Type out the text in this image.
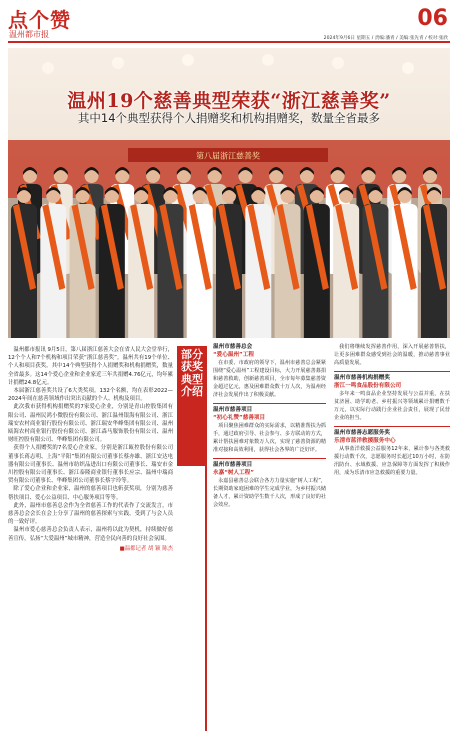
点个赞
温州都市报	2024年9月6日 星期五 / 责编:潘青 / 美编:张先青 / 校对:张欣
06
第八届浙江慈善奖
温州19个慈善典型荣获“浙江慈善奖”
其中14个典型获得个人捐赠奖和机构捐赠奖，数量全省最多

温州都市报讯 9月5日，第八届浙江慈善大会在省人民大会堂举行，12个个人和7个机构和项目荣获“浙江慈善奖”。温州共有19个单位、个人和项目获奖，其中14个典型获得个人捐赠奖和机构捐赠奖，数量全省最多。这14个爱心企业和企业家近三年共捐赠4.76亿元，均年累计捐赠24.8亿元。

本届浙江慈善奖共设了6大类奖项。132个名额，均在表彰2022—2024年间在慈善领域作出突出贡献的个人、机构及项目。

此次我市获得机构捐赠奖的7家爱心企业，分别是青山控股集团有限公司、温州民鸿小微股份有限公司、浙江温州银海有限公司、浙江瑞安农村商业银行股份有限公司、浙江瑞安华峰集团有限公司、温州瓯海农村商业银行股份有限公司、浙江森马服饰股份有限公司、温州财旺控股有限公司、华峰集团有限公司。

获得个人捐赠奖的7名爱心企业家，分别是浙江瓯控股份有限公司董事长蒋志明、上海“平阳”集团有限公司董事长蔡亦雄、浙江安达电器有限公司董事长、温州市纺织品进出口有限公司董事长、瑞安市金川控股有限公司董事长、浙江泰隆商业银行董事长应宗、温州中瑞商贸有限公司董事长、华峰集团公司董事长蔡宇玲等。

除了爱心企业和企业家，温州的慈善项目也斩获奖项，分别为慈善帮扶项目、爱心公益项目、中心服务项目等等。

此外，温州市慈善总会作为全省慈善工作的代表作了交流发言，市慈善总会会长在会上分享了温州的慈善探索与实践，受到了与会人员的一致好评。

温州市爱心慈善总会负责人表示，温州将以此为契机，持续做好慈善宣传，弘扬“大爱温州”城市精神，营造全民向善的良好社会氛围。

■温都记者 胡 颖 陈杰
部分获奖典型介绍
温州市慈善总会
“爱心温州”工程

在市委、市政府的领导下，温州市慈善总会紧紧围绕“爱心温州”工程建设目标，大力开展慈善募捐和慈善救助，创新慈善项目，全市每年募集慈善资金超过亿元，惠及困难群众数十万人次，为温州经济社会发展作出了积极贡献。

温州市慈善项目
“初心礼赞”慈善项目

项目聚焦困难群众的实际需求，以精准帮扶为抓手，通过政府引导、社会参与、多方联动的方式，累计帮扶困难对象数万人次，实现了慈善资源的精准对接和高效利用，获得社会各界的广泛好评。

温州市慈善项目
永嘉“树人工程”

永嘉县慈善总会联合各方力量实施“树人工程”，长期资助家庭困难的学生完成学业，为乡村振兴储备人才，累计资助学生数千人次，形成了良好的社会效应。

我们将继续发挥慈善作用，深入开展慈善帮扶，让更多困难群众感受到社会的温暖，推动慈善事业高质量发展。

温州市慈善机构捐赠奖
浙江一鸣食品股份有限公司

多年来一鸣食品企业坚持发展与公益并重，在扶贫济困、助学助老、乡村振兴等领域累计捐赠数千万元，以实际行动践行企业社会责任，展现了民营企业的担当。

温州市慈善志愿服务奖
乐清市蓝洋救援服务中心

从事蓝洋救援公益服务12年来，累计参与各类救援行动数千次，志愿服务时长超过10万小时，在防汛防台、水域救援、应急保障等方面发挥了积极作用，成为乐清市应急救援的重要力量。
